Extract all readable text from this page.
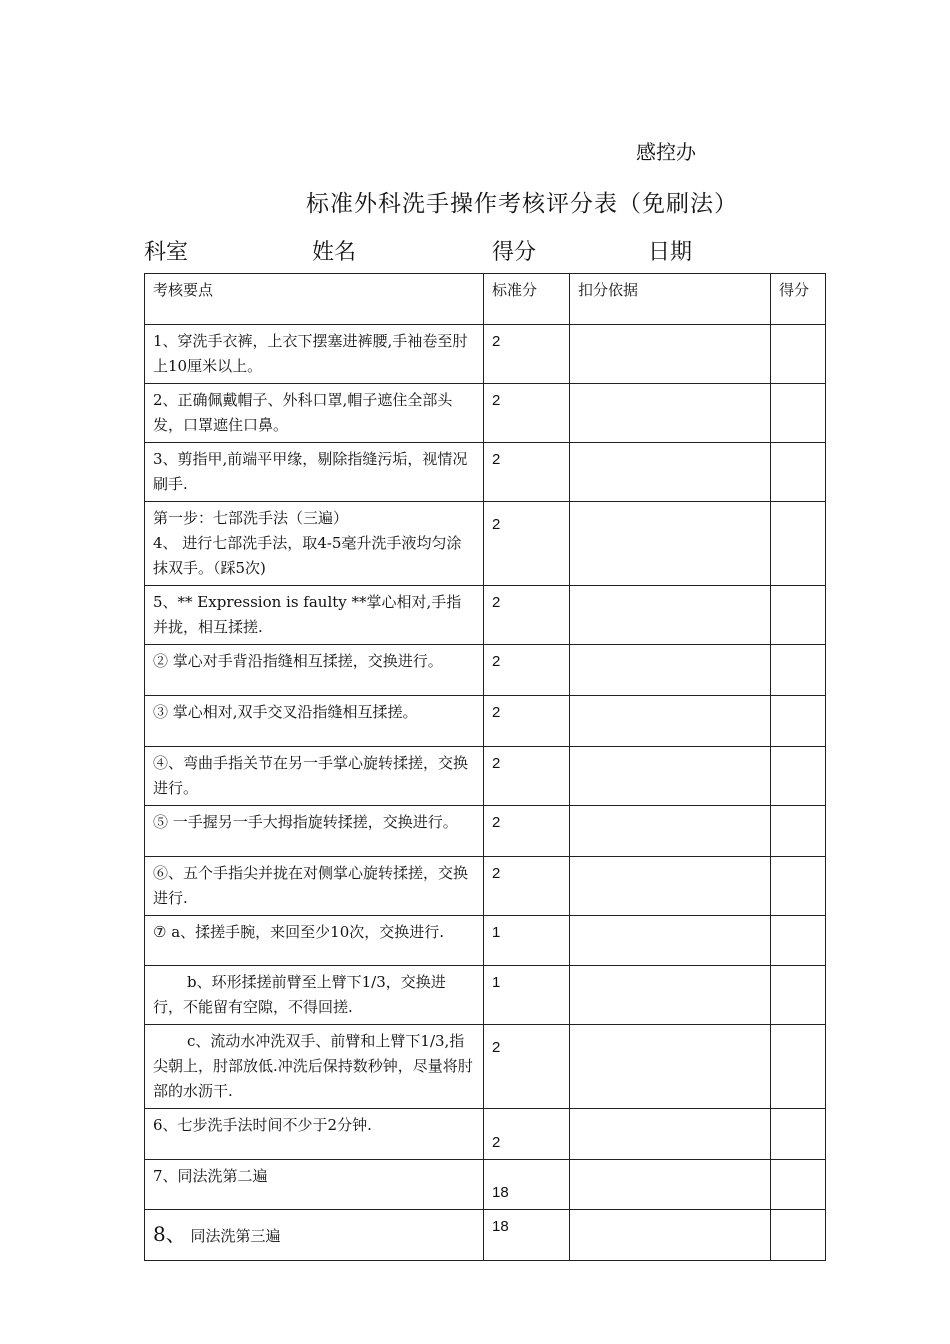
感控办
标准外科洗手操作考核评分表（免刷法）
科室	姓名	得分	日期
考核要点	标准分	扣分依据	得分
1、穿洗手衣裤，上衣下摆塞进裤腰,手袖卷至肘上10厘米以上。	2		
2、正确佩戴帽子、外科口罩,帽子遮住全部头发，口罩遮住口鼻。	2		
3、剪指甲,前端平甲缘，剔除指缝污垢，视情况刷手.	2		

第一步：七部洗手法（三遍）
4、 进行七部洗手法，取4-5毫升洗手液均匀涂抹双手。（踩5次)	2		
5、** Expression is faulty **掌心相对,手指并拢，相互揉搓.	2		
② 掌心对手背沿指缝相互揉搓，交换进行。	2		
③ 掌心相对,双手交叉沿指缝相互揉搓。	2		
④、弯曲手指关节在另一手掌心旋转揉搓，交换进行。	2		
⑤ 一手握另一手大拇指旋转揉搓，交换进行。	2		
⑥、五个手指尖并拢在对侧掌心旋转揉搓，交换进行.	2		
⑦ a、揉搓手腕，来回至少10次，交换进行.	1		
b、环形揉搓前臂至上臂下1/3，交换进行，不能留有空隙，不得回搓.	1		
c、流动水冲洗双手、前臂和上臂下1/3,指尖朝上，肘部放低.冲洗后保持数秒钟，尽量将肘部的水沥干.	2		
6、七步洗手法时间不少于2分钟.	2		
7、同法洗第二遍	18		
8、 同法洗第三遍	18		
